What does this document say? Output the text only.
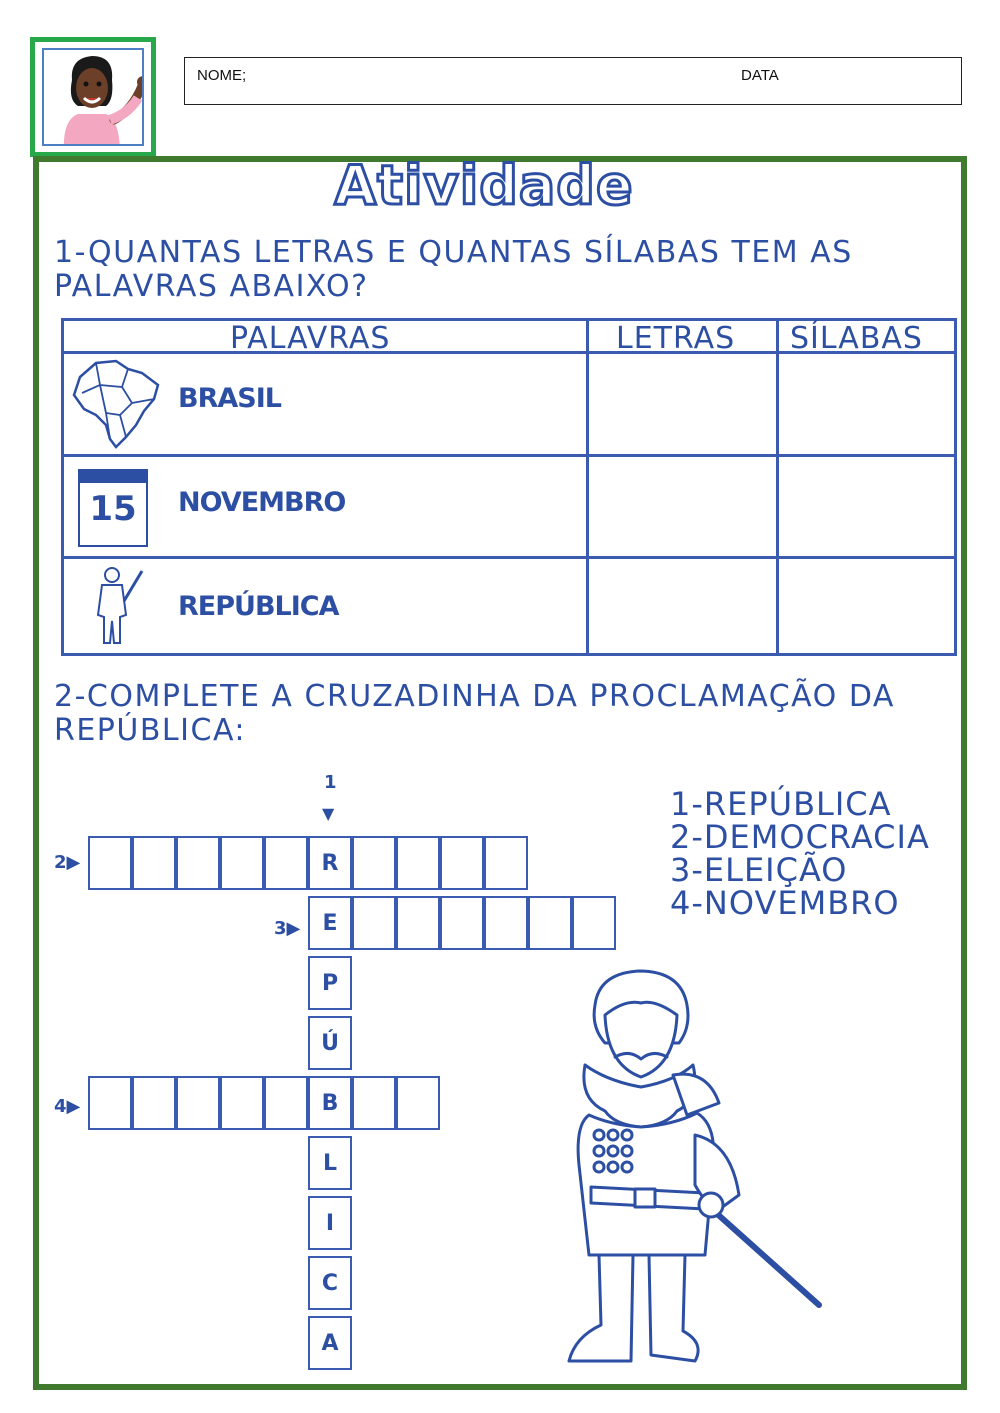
NOME;	DATA
Atividade
1-QUANTAS LETRAS E QUANTAS SÍLABAS TEM AS
PALAVRAS ABAIXO?
PALAVRAS	LETRAS SÍLABAS
BRASIL
15	NOVEMBRO
REPÚBLICA
2-COMPLETE A CRUZADINHA DA PROCLAMAÇÃO DA
REPÚBLICA:
1
▼
2▶
3▶
4▶
R
E
P
Ú
B
L
I
C
A
1-REPÚBLICA
2-DEMOCRACIA
3-ELEIÇÃO
4-NOVEMBRO
